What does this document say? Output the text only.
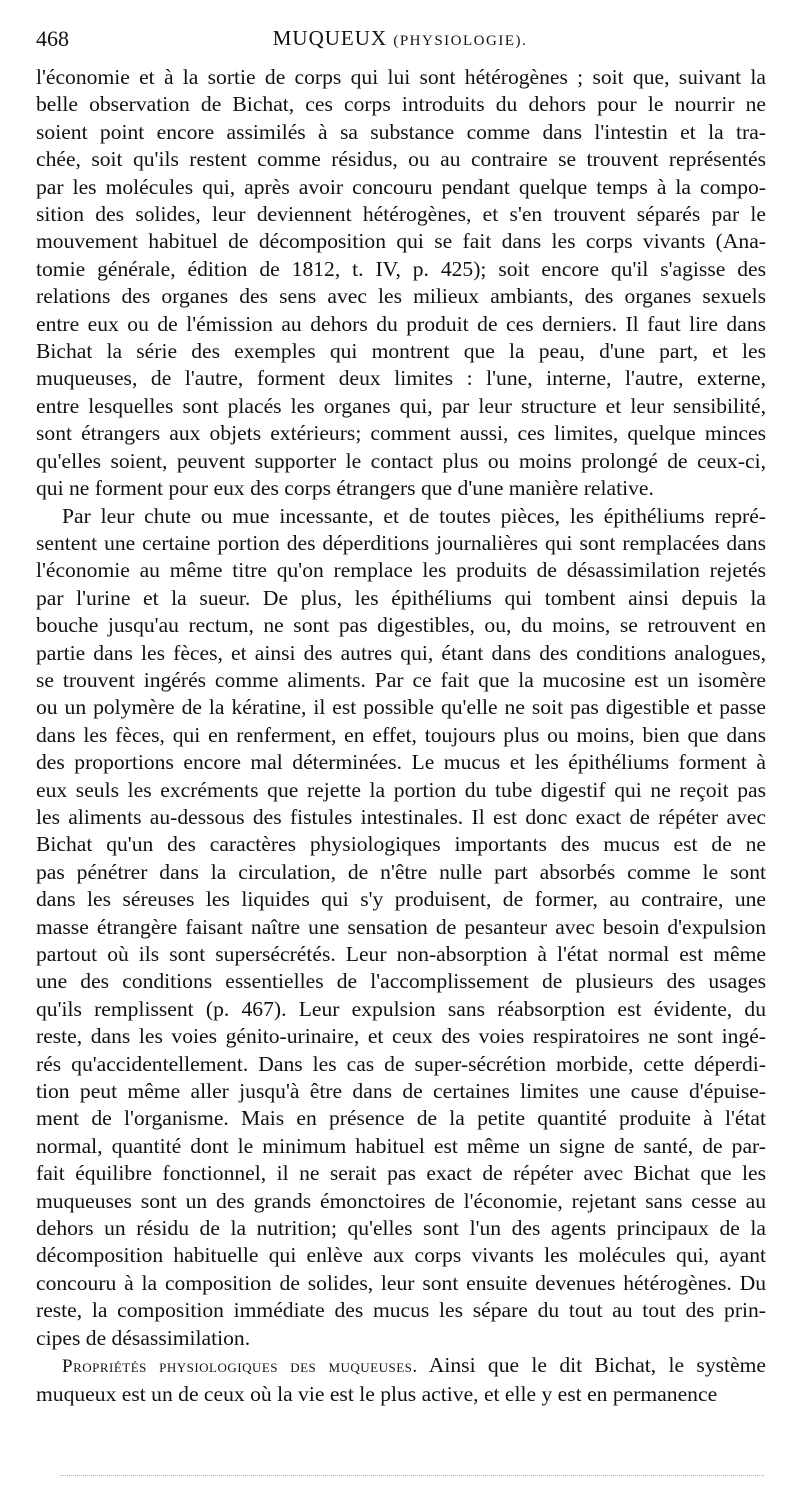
468	MUQUEUX (PHYSIOLOGIE).
l'économie et à la sortie de corps qui lui sont hétérogènes ; soit que, suivant la
belle observation de Bichat, ces corps introduits du dehors pour le nourrir ne
soient point encore assimilés à sa substance comme dans l'intestin et la tra-
chée, soit qu'ils restent comme résidus, ou au contraire se trouvent représentés
par les molécules qui, après avoir concouru pendant quelque temps à la compo-
sition des solides, leur deviennent hétérogènes, et s'en trouvent séparés par le
mouvement habituel de décomposition qui se fait dans les corps vivants (Ana-
tomie générale, édition de 1812, t. IV, p. 425); soit encore qu'il s'agisse des
relations des organes des sens avec les milieux ambiants, des organes sexuels
entre eux ou de l'émission au dehors du produit de ces derniers. Il faut lire dans
Bichat la série des exemples qui montrent que la peau, d'une part, et les
muqueuses, de l'autre, forment deux limites : l'une, interne, l'autre, externe,
entre lesquelles sont placés les organes qui, par leur structure et leur sensibilité,
sont étrangers aux objets extérieurs; comment aussi, ces limites, quelque minces
qu'elles soient, peuvent supporter le contact plus ou moins prolongé de ceux-ci,
qui ne forment pour eux des corps étrangers que d'une manière relative.
Par leur chute ou mue incessante, et de toutes pièces, les épithéliums repré-
sentent une certaine portion des déperditions journalières qui sont remplacées dans
l'économie au même titre qu'on remplace les produits de désassimilation rejetés
par l'urine et la sueur. De plus, les épithéliums qui tombent ainsi depuis la
bouche jusqu'au rectum, ne sont pas digestibles, ou, du moins, se retrouvent en
partie dans les fèces, et ainsi des autres qui, étant dans des conditions analogues,
se trouvent ingérés comme aliments. Par ce fait que la mucosine est un isomère
ou un polymère de la kératine, il est possible qu'elle ne soit pas digestible et passe
dans les fèces, qui en renferment, en effet, toujours plus ou moins, bien que dans
des proportions encore mal déterminées. Le mucus et les épithéliums forment à
eux seuls les excréments que rejette la portion du tube digestif qui ne reçoit pas
les aliments au-dessous des fistules intestinales. Il est donc exact de répéter avec
Bichat qu'un des caractères physiologiques importants des mucus est de ne
pas pénétrer dans la circulation, de n'être nulle part absorbés comme le sont
dans les séreuses les liquides qui s'y produisent, de former, au contraire, une
masse étrangère faisant naître une sensation de pesanteur avec besoin d'expulsion
partout où ils sont supersécrétés. Leur non-absorption à l'état normal est même
une des conditions essentielles de l'accomplissement de plusieurs des usages
qu'ils remplissent (p. 467). Leur expulsion sans réabsorption est évidente, du
reste, dans les voies génito-urinaire, et ceux des voies respiratoires ne sont ingé-
rés qu'accidentellement. Dans les cas de super-sécrétion morbide, cette déperdi-
tion peut même aller jusqu'à être dans de certaines limites une cause d'épuise-
ment de l'organisme. Mais en présence de la petite quantité produite à l'état
normal, quantité dont le minimum habituel est même un signe de santé, de par-
fait équilibre fonctionnel, il ne serait pas exact de répéter avec Bichat que les
muqueuses sont un des grands émonctoires de l'économie, rejetant sans cesse au
dehors un résidu de la nutrition; qu'elles sont l'un des agents principaux de la
décomposition habituelle qui enlève aux corps vivants les molécules qui, ayant
concouru à la composition de solides, leur sont ensuite devenues hétérogènes. Du
reste, la composition immédiate des mucus les sépare du tout au tout des prin-
cipes de désassimilation.
Propriétés physiologiques des muqueuses. Ainsi que le dit Bichat, le système
muqueux est un de ceux où la vie est le plus active, et elle y est en permanence
